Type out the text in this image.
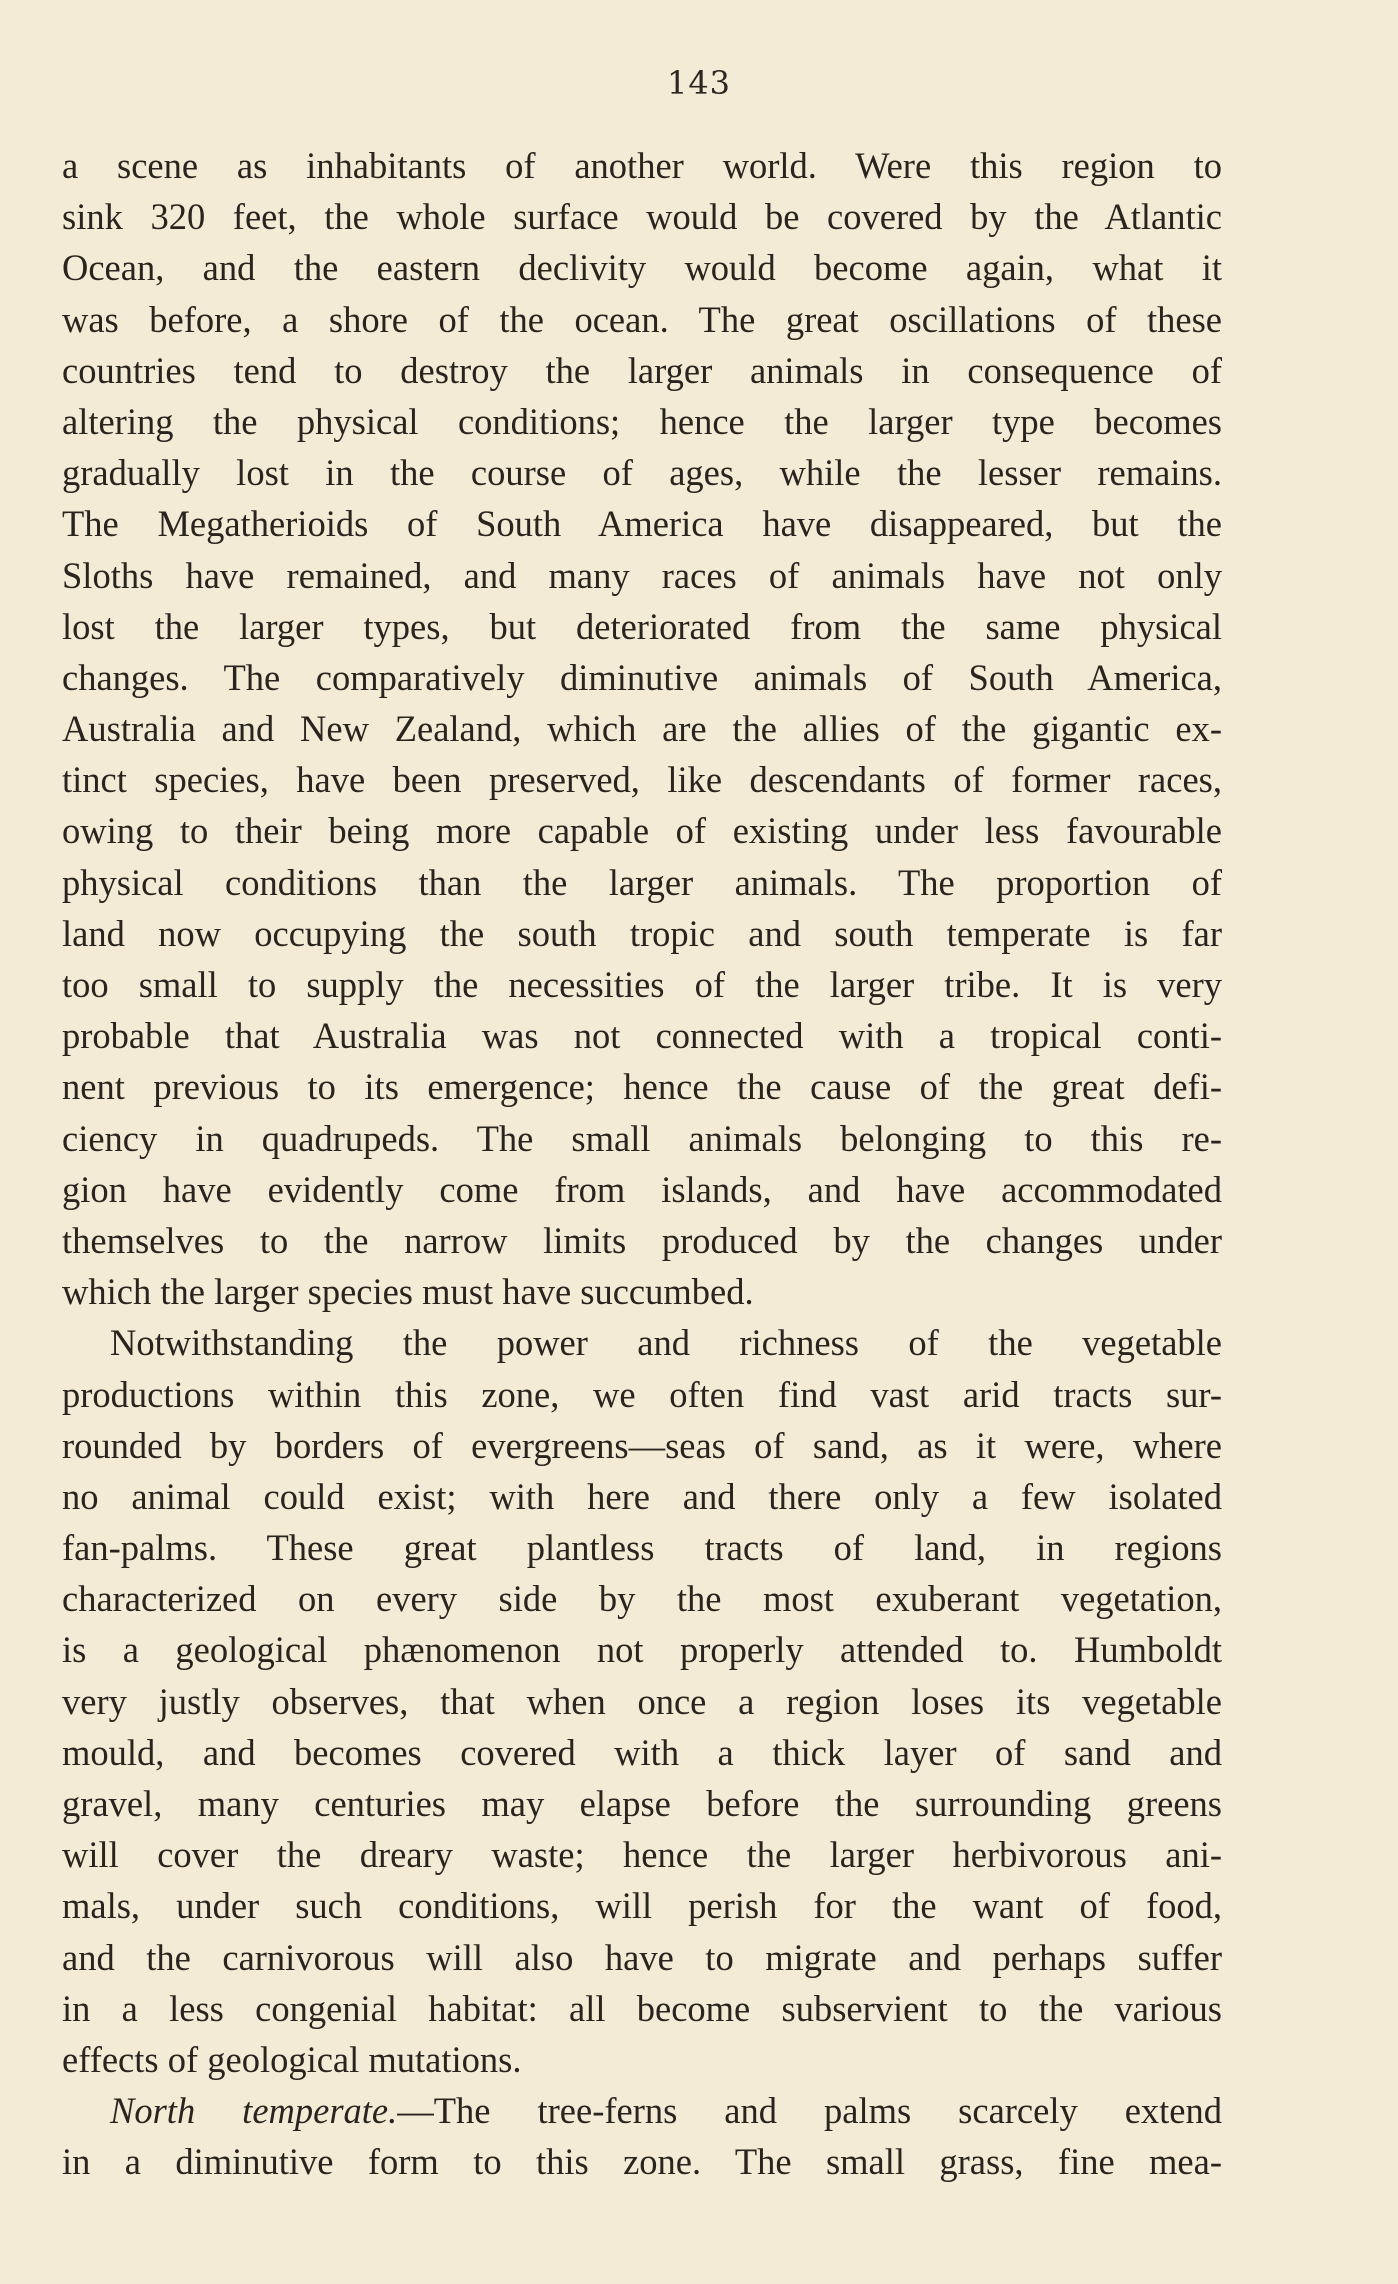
143
a scene as inhabitants of another world. Were this region to
sink 320 feet, the whole surface would be covered by the Atlantic
Ocean, and the eastern declivity would become again, what it
was before, a shore of the ocean. The great oscillations of these
countries tend to destroy the larger animals in consequence of
altering the physical conditions; hence the larger type becomes
gradually lost in the course of ages, while the lesser remains.
The Megatherioids of South America have disappeared, but the
Sloths have remained, and many races of animals have not only
lost the larger types, but deteriorated from the same physical
changes. The comparatively diminutive animals of South America,
Australia and New Zealand, which are the allies of the gigantic ex-
tinct species, have been preserved, like descendants of former races,
owing to their being more capable of existing under less favourable
physical conditions than the larger animals. The proportion of
land now occupying the south tropic and south temperate is far
too small to supply the necessities of the larger tribe. It is very
probable that Australia was not connected with a tropical conti-
nent previous to its emergence; hence the cause of the great defi-
ciency in quadrupeds. The small animals belonging to this re-
gion have evidently come from islands, and have accommodated
themselves to the narrow limits produced by the changes under
which the larger species must have succumbed.
Notwithstanding the power and richness of the vegetable
productions within this zone, we often find vast arid tracts sur-
rounded by borders of evergreens—seas of sand, as it were, where
no animal could exist; with here and there only a few isolated
fan-palms. These great plantless tracts of land, in regions
characterized on every side by the most exuberant vegetation,
is a geological phænomenon not properly attended to. Humboldt
very justly observes, that when once a region loses its vegetable
mould, and becomes covered with a thick layer of sand and
gravel, many centuries may elapse before the surrounding greens
will cover the dreary waste; hence the larger herbivorous ani-
mals, under such conditions, will perish for the want of food,
and the carnivorous will also have to migrate and perhaps suffer
in a less congenial habitat: all become subservient to the various
effects of geological mutations.
North temperate.—The tree-ferns and palms scarcely extend
in a diminutive form to this zone. The small grass, fine mea-
